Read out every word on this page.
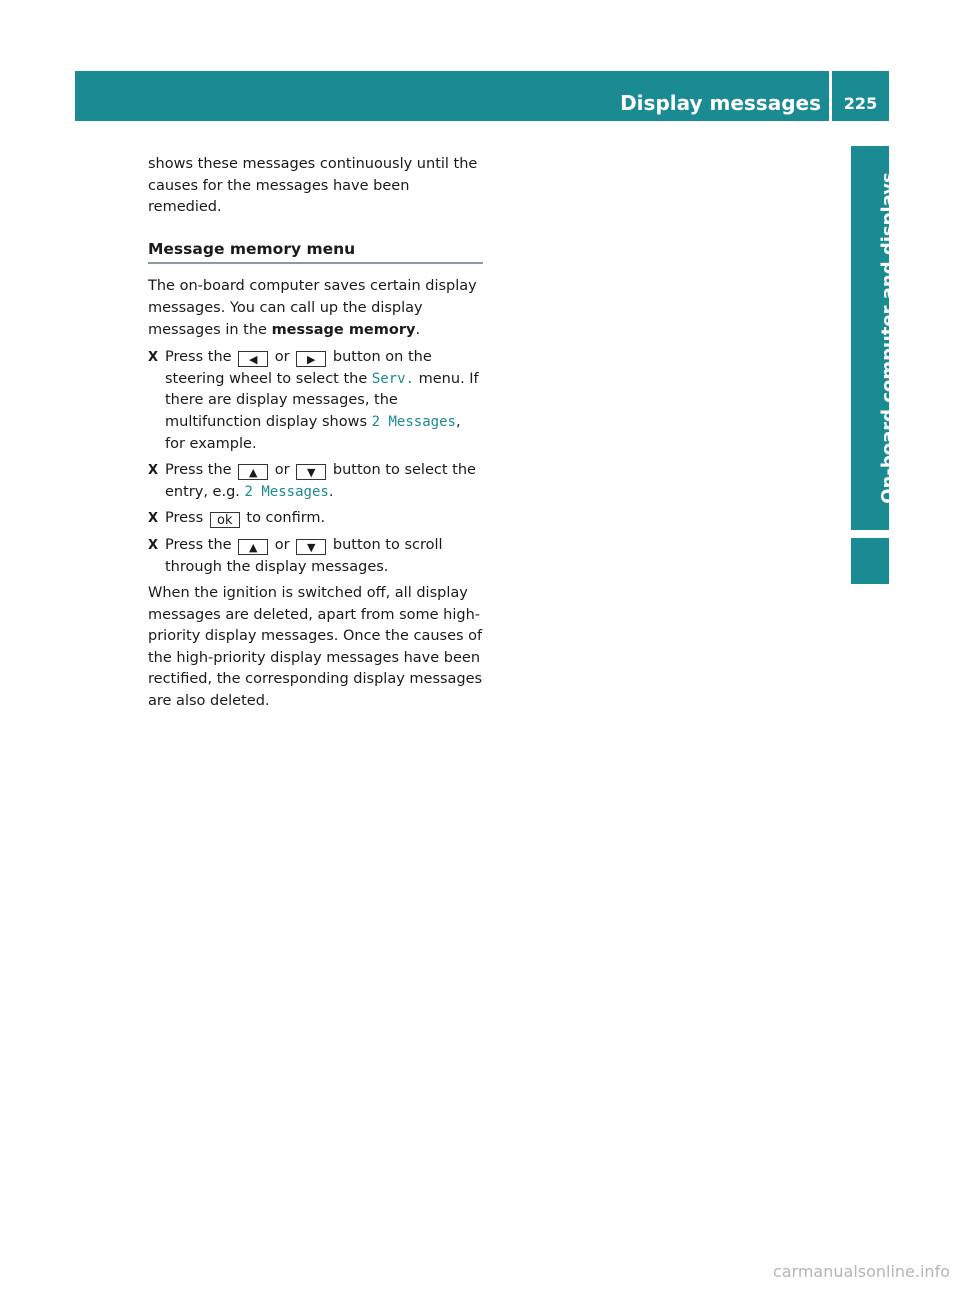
Display messages	225
On-board computer and displays

shows these messages continuously until the causes for the messages have been remedied.

Message memory menu

The on-board computer saves certain display messages. You can call up the display messages in the message memory.

X Press the ◀ or ▶ button on the steering wheel to select the Serv. menu. If there are display messages, the multifunction display shows 2 Messages, for example.
X Press the ▲ or ▼ button to select the entry, e.g. 2 Messages.
X Press ok to confirm.
X Press the ▲ or ▼ button to scroll through the display messages.

When the ignition is switched off, all display messages are deleted, apart from some high-priority display messages. Once the causes of the high-priority display messages have been rectified, the corresponding display messages are also deleted.

carmanualsonline.info
